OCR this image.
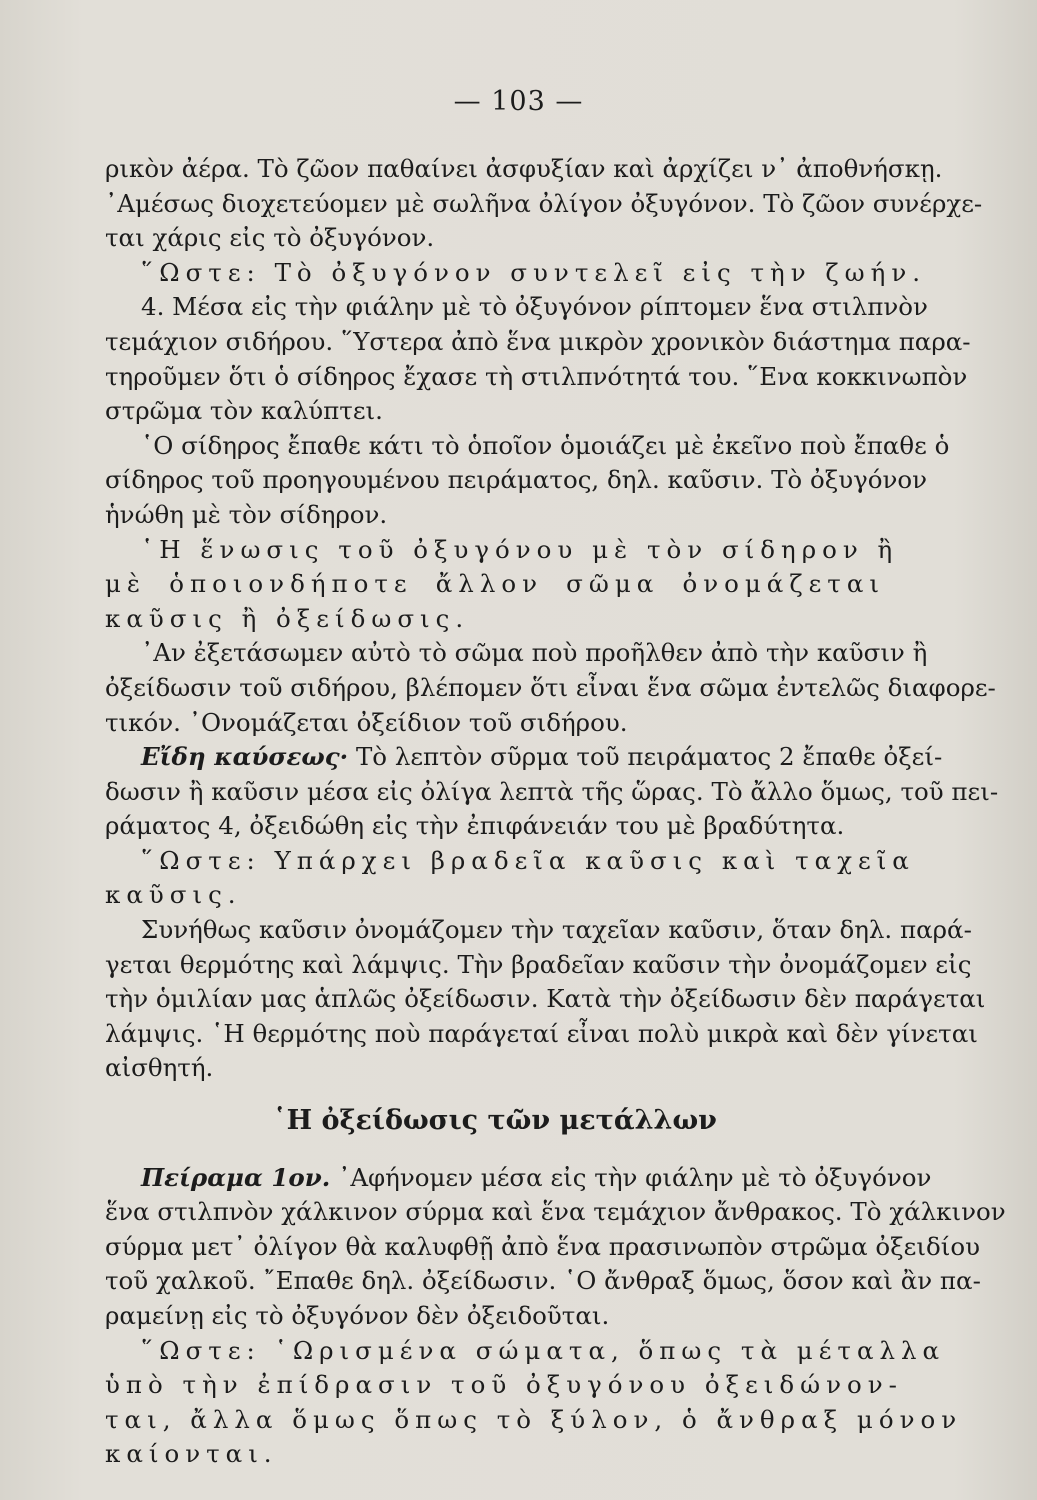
— 103 —
ρικὸν ἀέρα. Τὸ ζῶον παθαίνει ἀσφυξίαν καὶ ἀρχίζει ν᾽ ἀποθνήσκῃ.
᾽Αμέσως διοχετεύομεν μὲ σωλῆνα ὀλίγον ὀξυγόνον. Τὸ ζῶον συνέρχε-
ται χάρις εἰς τὸ ὀξυγόνον.
῞Ωστε: Τὸ ὀξυγόνον συντελεῖ εἰς τὴν ζωήν.
4. Μέσα εἰς τὴν φιάλην μὲ τὸ ὀξυγόνον ρίπτομεν ἕνα στιλπνὸν
τεμάχιον σιδήρου. ῞Υστερα ἀπὸ ἕνα μικρὸν χρονικὸν διάστημα παρα-
τηροῦμεν ὅτι ὁ σίδηρος ἔχασε τὴ στιλπνότητά του. ῞Ενα κοκκινωπὸν
στρῶμα τὸν καλύπτει.
῾Ο σίδηρος ἔπαθε κάτι τὸ ὁποῖον ὁμοιάζει μὲ ἐκεῖνο ποὺ ἔπαθε ὁ
σίδηρος τοῦ προηγουμένου πειράματος, δηλ. καῦσιν. Τὸ ὀξυγόνον
ἡνώθη μὲ τὸν σίδηρον.
῾Η ἕνωσις τοῦ ὀξυγόνου μὲ τὸν σίδηρον ἢ
μὲ ὁποιονδήποτε ἄλλον σῶμα ὀνομάζεται
καῦσις ἢ ὀξείδωσις.
᾽Αν ἐξετάσωμεν αὐτὸ τὸ σῶμα ποὺ προῆλθεν ἀπὸ τὴν καῦσιν ἢ
ὀξείδωσιν τοῦ σιδήρου, βλέπομεν ὅτι εἶναι ἕνα σῶμα ἐντελῶς διαφορε-
τικόν. ᾽Ονομάζεται ὀξείδιον τοῦ σιδήρου.
Εἴδη καύσεως· Τὸ λεπτὸν σῦρμα τοῦ πειράματος 2 ἔπαθε ὀξεί-
δωσιν ἢ καῦσιν μέσα εἰς ὀλίγα λεπτὰ τῆς ὥρας. Τὸ ἄλλο ὅμως, τοῦ πει-
ράματος 4, ὀξειδώθη εἰς τὴν ἐπιφάνειάν του μὲ βραδύτητα.
῞Ωστε: Υπάρχει βραδεῖα καῦσις καὶ ταχεῖα
καῦσις.
Συνήθως καῦσιν ὀνομάζομεν τὴν ταχεῖαν καῦσιν, ὅταν δηλ. παρά-
γεται θερμότης καὶ λάμψις. Τὴν βραδεῖαν καῦσιν τὴν ὀνομάζομεν εἰς
τὴν ὁμιλίαν μας ἁπλῶς ὀξείδωσιν. Κατὰ τὴν ὀξείδωσιν δὲν παράγεται
λάμψις. ῾Η θερμότης ποὺ παράγεταί εἶναι πολὺ μικρὰ καὶ δὲν γίνεται
αἰσθητή.
῾Η ὀξείδωσις τῶν μετάλλων
Πείραμα 1ον. ᾽Αφήνομεν μέσα εἰς τὴν φιάλην μὲ τὸ ὀξυγόνον
ἕνα στιλπνὸν χάλκινον σύρμα καὶ ἕνα τεμάχιον ἄνθρακος. Τὸ χάλκινον
σύρμα μετ᾽ ὀλίγον θὰ καλυφθῇ ἀπὸ ἕνα πρασινωπὸν στρῶμα ὀξειδίου
τοῦ χαλκοῦ. ῎Επαθε δηλ. ὀξείδωσιν. ῾Ο ἄνθραξ ὅμως, ὅσον καὶ ἂν πα-
ραμείνῃ εἰς τὸ ὀξυγόνον δὲν ὀξειδοῦται.
῞Ωστε: ῾Ωρισμένα σώματα, ὅπως τὰ μέταλλα
ὑπὸ τὴν ἐπίδρασιν τοῦ ὀξυγόνου ὀξειδώνον-
ται, ἄλλα ὅμως ὅπως τὸ ξύλον, ὁ ἄνθραξ μόνον
καίονται.
